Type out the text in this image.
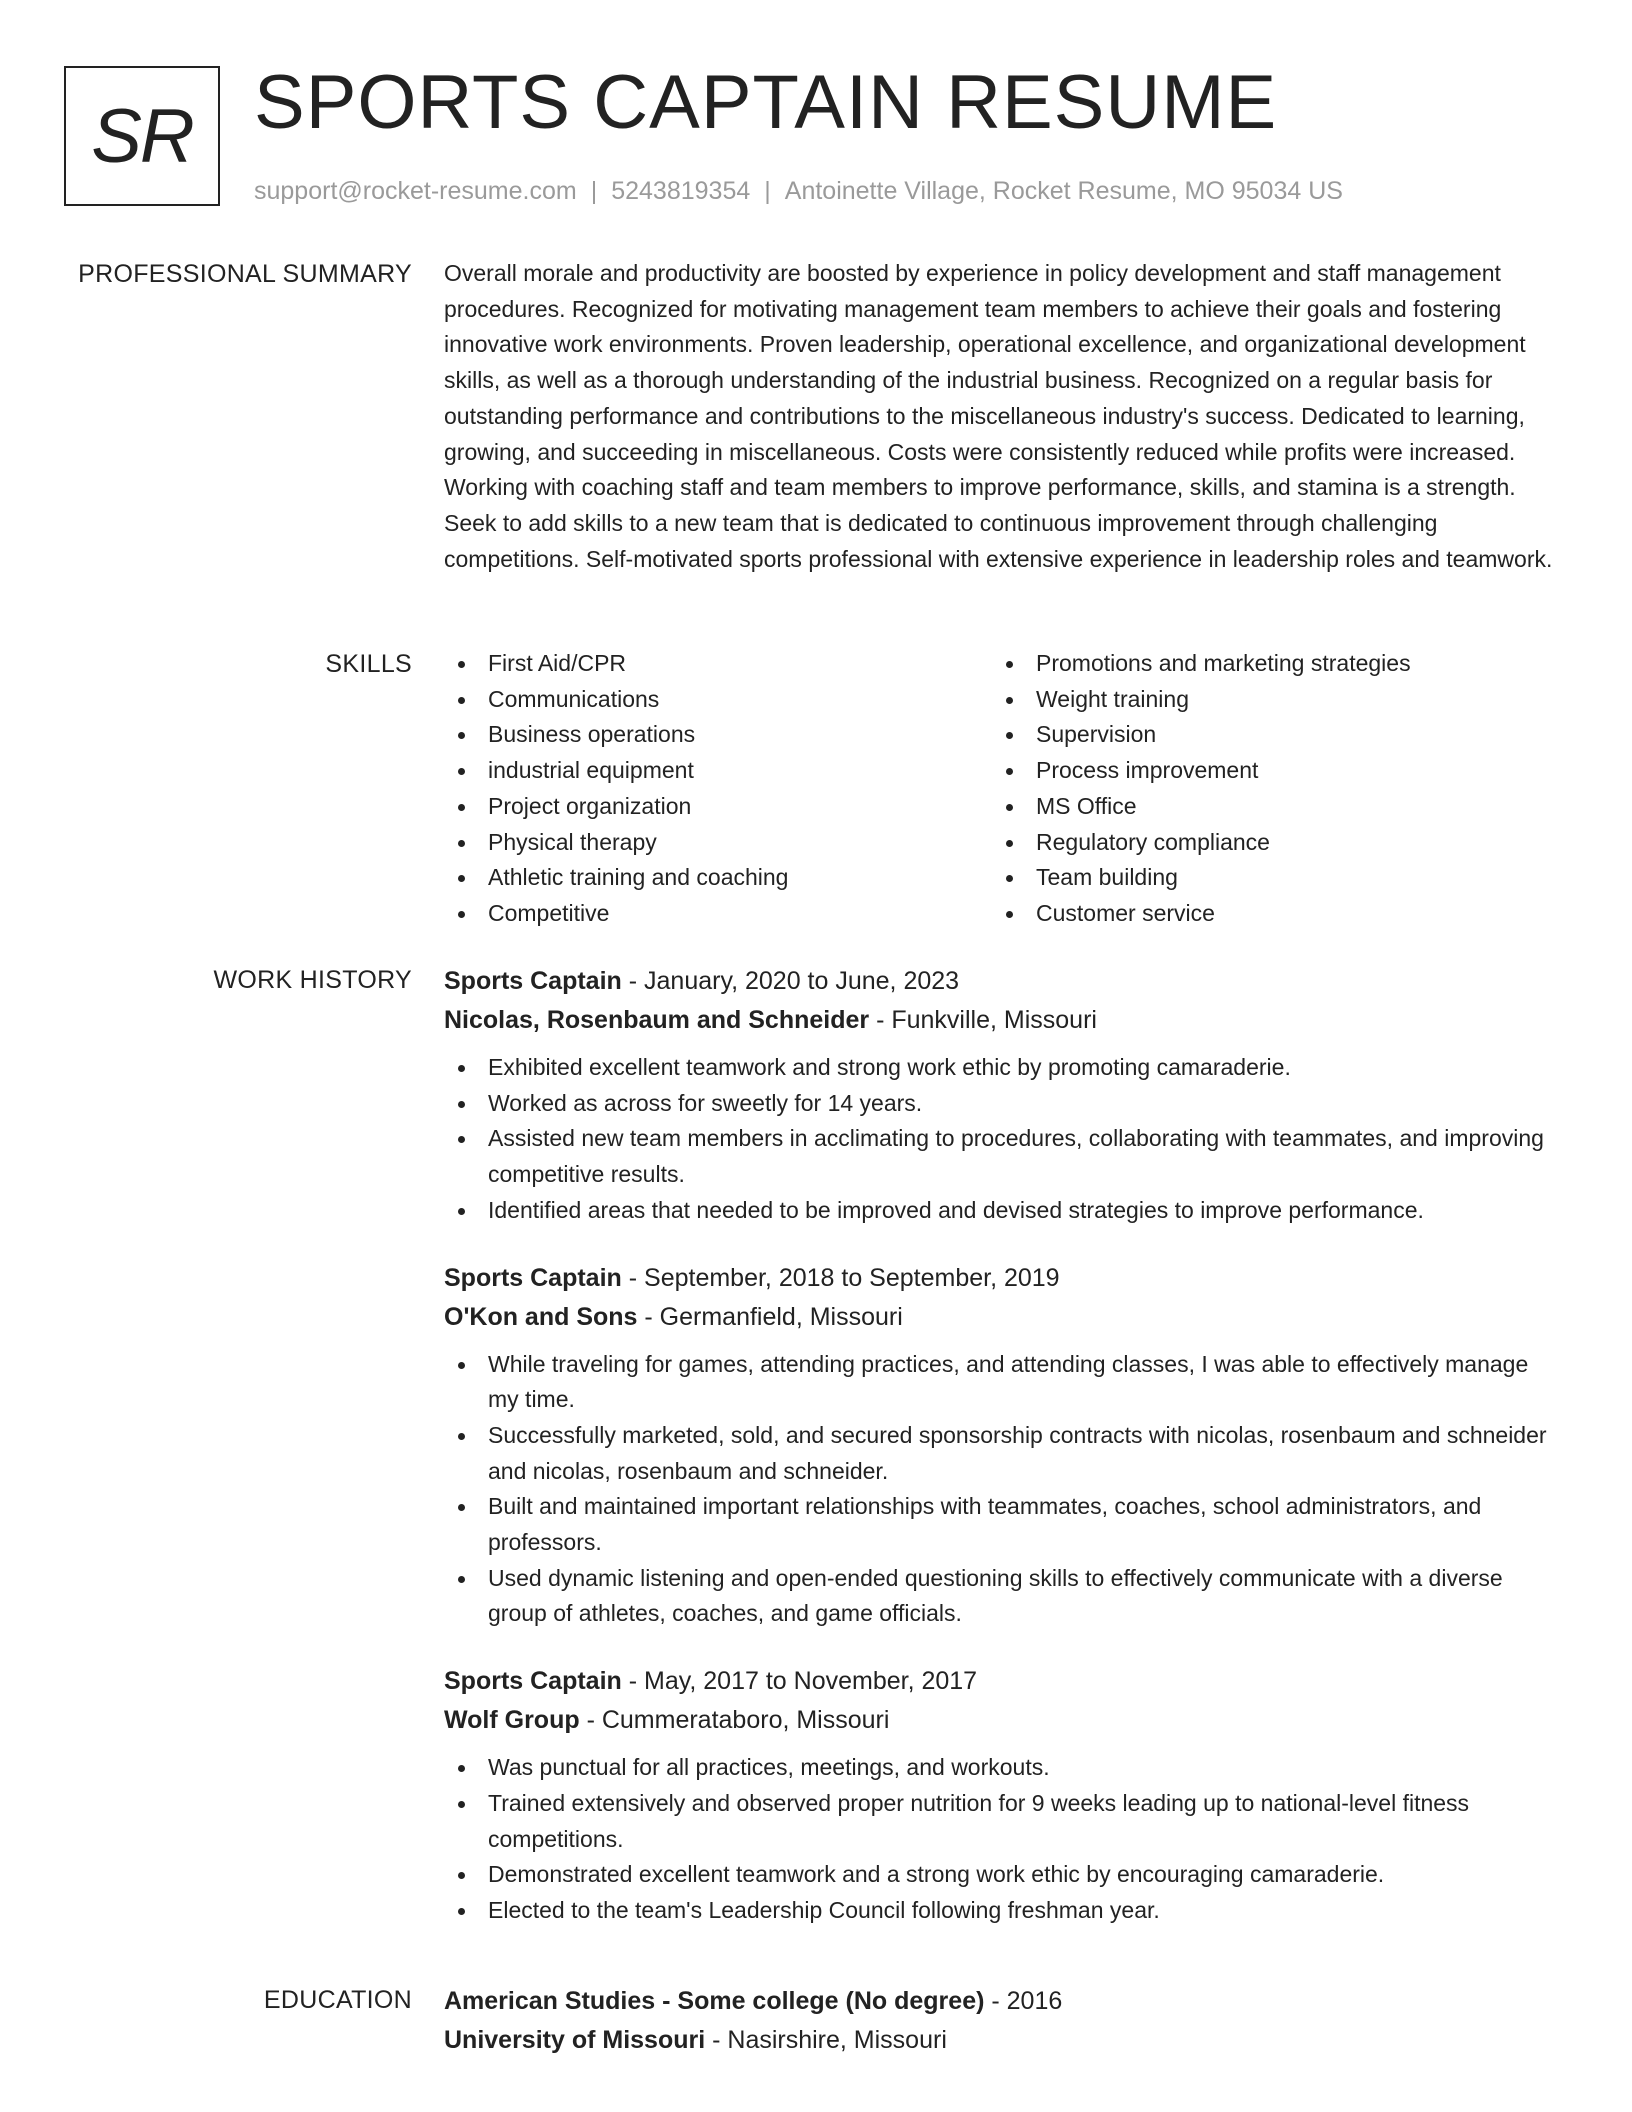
SR SPORTS CAPTAIN RESUME
support@rocket-resume.com | 5243819354 | Antoinette Village, Rocket Resume, MO 95034 US
PROFESSIONAL SUMMARY Overall morale and productivity are boosted by experience in policy development and staff management procedures. Recognized for motivating management team members to achieve their goals and fostering innovative work environments. Proven leadership, operational excellence, and organizational development skills, as well as a thorough understanding of the industrial business. Recognized on a regular basis for outstanding performance and contributions to the miscellaneous industry's success. Dedicated to learning, growing, and succeeding in miscellaneous. Costs were consistently reduced while profits were increased. Working with coaching staff and team members to improve performance, skills, and stamina is a strength. Seek to add skills to a new team that is dedicated to continuous improvement through challenging competitions. Self-motivated sports professional with extensive experience in leadership roles and teamwork.

SKILLS	First Aid/CPR
Communications
Business operations
industrial equipment
Project organization
Physical therapy
Athletic training and coaching
Competitive
Promotions and marketing strategies
Weight training
Supervision
Process improvement
MS Office
Regulatory compliance
Team building
Customer service
WORK HISTORY Sports Captain - January, 2020 to June, 2023
Nicolas, Rosenbaum and Schneider - Funkville, Missouri
Exhibited excellent teamwork and strong work ethic by promoting camaraderie.
Worked as across for sweetly for 14 years.
Assisted new team members in acclimating to procedures, collaborating with teammates, and improving competitive results.
Identified areas that needed to be improved and devised strategies to improve performance.
Sports Captain - September, 2018 to September, 2019
O'Kon and Sons - Germanfield, Missouri
While traveling for games, attending practices, and attending classes, I was able to effectively manage my time.
Successfully marketed, sold, and secured sponsorship contracts with nicolas, rosenbaum and schneider and nicolas, rosenbaum and schneider.
Built and maintained important relationships with teammates, coaches, school administrators, and professors.
Used dynamic listening and open-ended questioning skills to effectively communicate with a diverse group of athletes, coaches, and game officials.
Sports Captain - May, 2017 to November, 2017
Wolf Group - Cummerataboro, Missouri
Was punctual for all practices, meetings, and workouts.
Trained extensively and observed proper nutrition for 9 weeks leading up to national-level fitness competitions.
Demonstrated excellent teamwork and a strong work ethic by encouraging camaraderie.
Elected to the team's Leadership Council following freshman year.
EDUCATION American Studies - Some college (No degree) - 2016
University of Missouri - Nasirshire, Missouri
